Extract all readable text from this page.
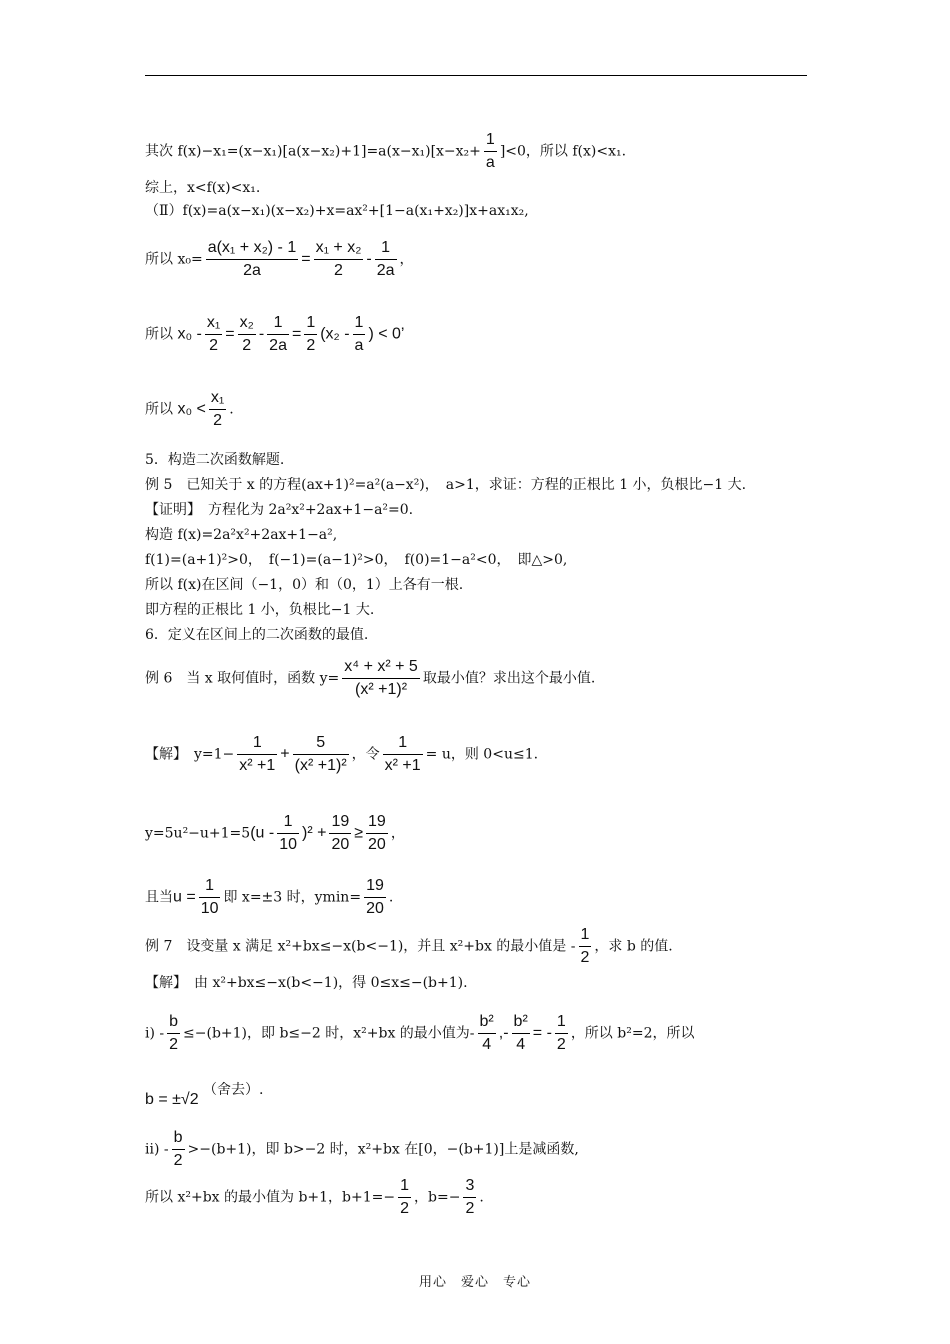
其次 $f(x)-x_1=(x-x_1)[a(x-x_2)+1]=a(x-x_1)[x-x_2+ \frac{1}{a} ]<0$，所以 f(x)<x₁.
综上，x<f(x)<x₁.
（Ⅱ）f(x)=a(x−x₁)(x−x₂)+x=ax²+[1−a(x₁+x₂)]x+ax₁x₂,
所以 $x_0= \frac{\text{a(x₁ + x₂) - 1}}{2a} = \frac{\text{x₁ + x₂}}{2} - \frac{1}{2a}$ ，
所以 $x_0 - \frac{\text{x₁}}{2} = \frac{\text{x₂}}{2} - \frac{1}{2a} = \frac{1}{2} (x_2 - \frac{1}{a}$ ) < 0’
所以 $x_0 < \frac{\text{x₁}}{2}$ .
5．构造二次函数解题.
例 5　已知关于 x 的方程(ax+1)²=a²(a−x²)，　a>1，求证：方程的正根比 1 小，负根比−1 大.
【证明】　方程化为 2a²x²+2ax+1−a²=0.
构造 f(x)=2a²x²+2ax+1−a²,
f(1)=(a+1)²>0，　f(−1)=(a−1)²>0，　f(0)=1−a²<0，　即△>0,
所以 f(x)在区间（−1，0）和（0，1）上各有一根.
即方程的正根比 1 小，负根比−1 大.
6．定义在区间上的二次函数的最值.
例 6　当 x 取何值时，函数 $y= \frac{\text{x⁴ + x² + 5}}{\text{(x² +1)²}}$ 取最小值？求出这个最小值.
【解】　$y=1- \frac{1}{\text{x² +1}} + \frac{5}{\text{(x² +1)²}}$ ，令 $\frac{1}{\text{x² +1}} = u$，则 0<u≤1.
$y=5u^2-u+1=5(u - \frac{1}{10} )^2 + \frac{19}{20} \ge \frac{19}{20}$ ，
且当$u = \frac{1}{10}$ 即 x=±3 时，$ymin= \frac{19}{20}$ .
例 7　设变量 x 满足 x²+bx≤−x(b<−1)，并且 x²+bx 的最小值是 - $\frac{1}{2}$ ，求 b 的值.
【解】　由 x²+bx≤−x(b<−1)，得 0≤x≤−(b+1).
ⅰ) - $\frac{b}{2} \le-(b+1)$，即 b≤−2 时，x²+bx 的最小值为- $\frac{\text{b²}}{4}$ ,- $\frac{\text{b²}}{4}$ = - $\frac{1}{2}$ ，所以 b²=2，所以
b = ±√2 （舍去）.
ⅱ) - $\frac{b}{2} >-(b+1)$，即 b>−2 时，x²+bx 在[0，−(b+1)]上是减函数,
所以 x²+bx 的最小值为 b+1，$b+1=- \frac{1}{2}$ ，$b=- \frac{3}{2}$ .
用心　爱心　专心
